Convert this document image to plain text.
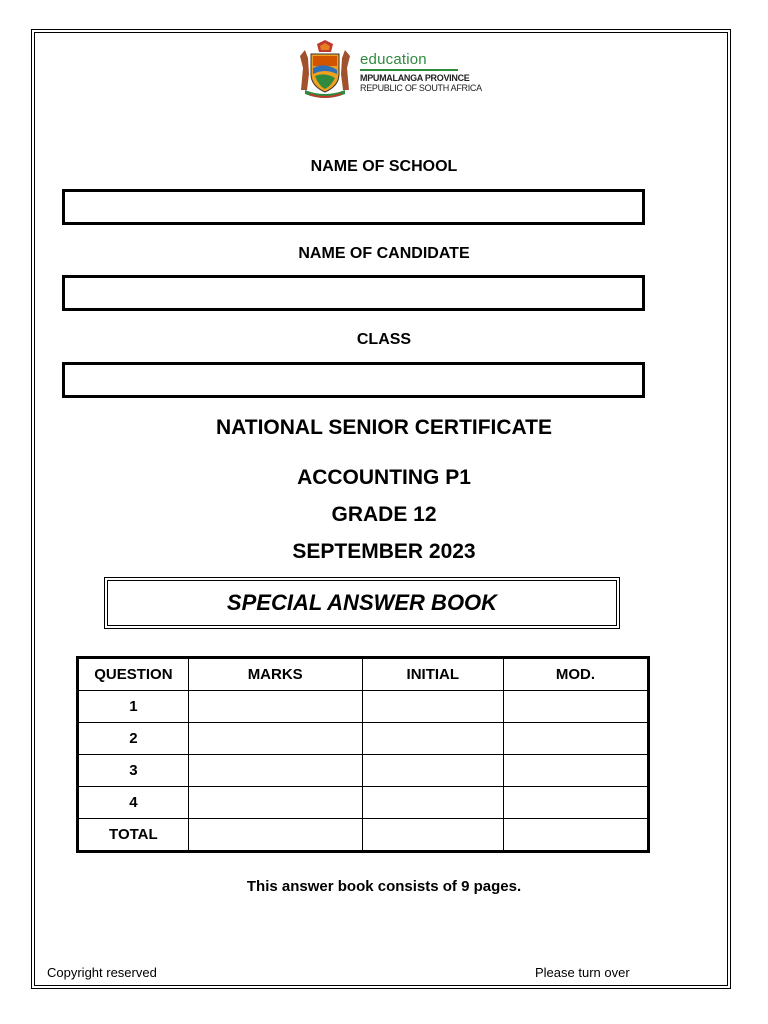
education
MPUMALANGA PROVINCE
REPUBLIC OF SOUTH AFRICA
NAME OF SCHOOL
NAME OF CANDIDATE
CLASS
NATIONAL SENIOR CERTIFICATE
ACCOUNTING P1
GRADE 12
SEPTEMBER 2023
SPECIAL ANSWER BOOK
QUESTION	MARKS	INITIAL	MOD.
1			
2			
3			
4			
TOTAL			
This answer book consists of 9 pages.
Copyright reserved	Please turn over
